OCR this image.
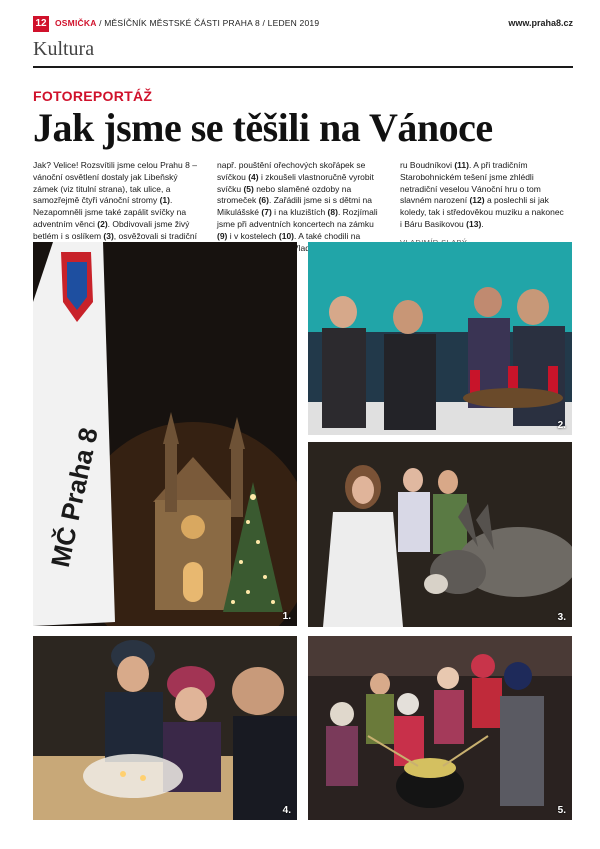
12 OSMIČKA / MĚSÍČNÍK MĚSTSKÉ ČÁSTI PRAHA 8 / LEDEN 2019	www.praha8.cz
Kultura
FOTOREPORTÁŽ
Jak jsme se těšili na Vánoce
Jak? Velice! Rozsvítili jsme celou Prahu 8 – vánoční osvětlení dostaly jak Libeňský zámek (viz titulní strana), tak ulice, a samozřejmě čtyři vánoční stromy (1). Nezapomněli jsme také zapálit svíčky na adventním věnci (2). Obdivovali jsme živý betlém i s oslíkem (3), osvěžovali si tradiční
např. pouštění ořechových skořápek se svíčkou (4) i zkoušeli vlastnoručně vyrobit svíčku (5) nebo slaměné ozdoby na stromeček (6). Zařádili jsme si s dětmi na Mikulášské (7) i na kluzištích (8). Rozjímali jsme při adventních koncertech na zámku (9) i v kostelech (10). A také chodili na
ru Boudníkovi (11). A při tradičním Starobohnickém tešení jsme zhlédli netradiční veselou Vánoční hru o tom slavném narození (12) a poslechli si jak koledy, tak i středověkou muziku a nakonec i Báru Basikovou (13).
MČ Praha 8
1.
2.
3.
4.	5.
